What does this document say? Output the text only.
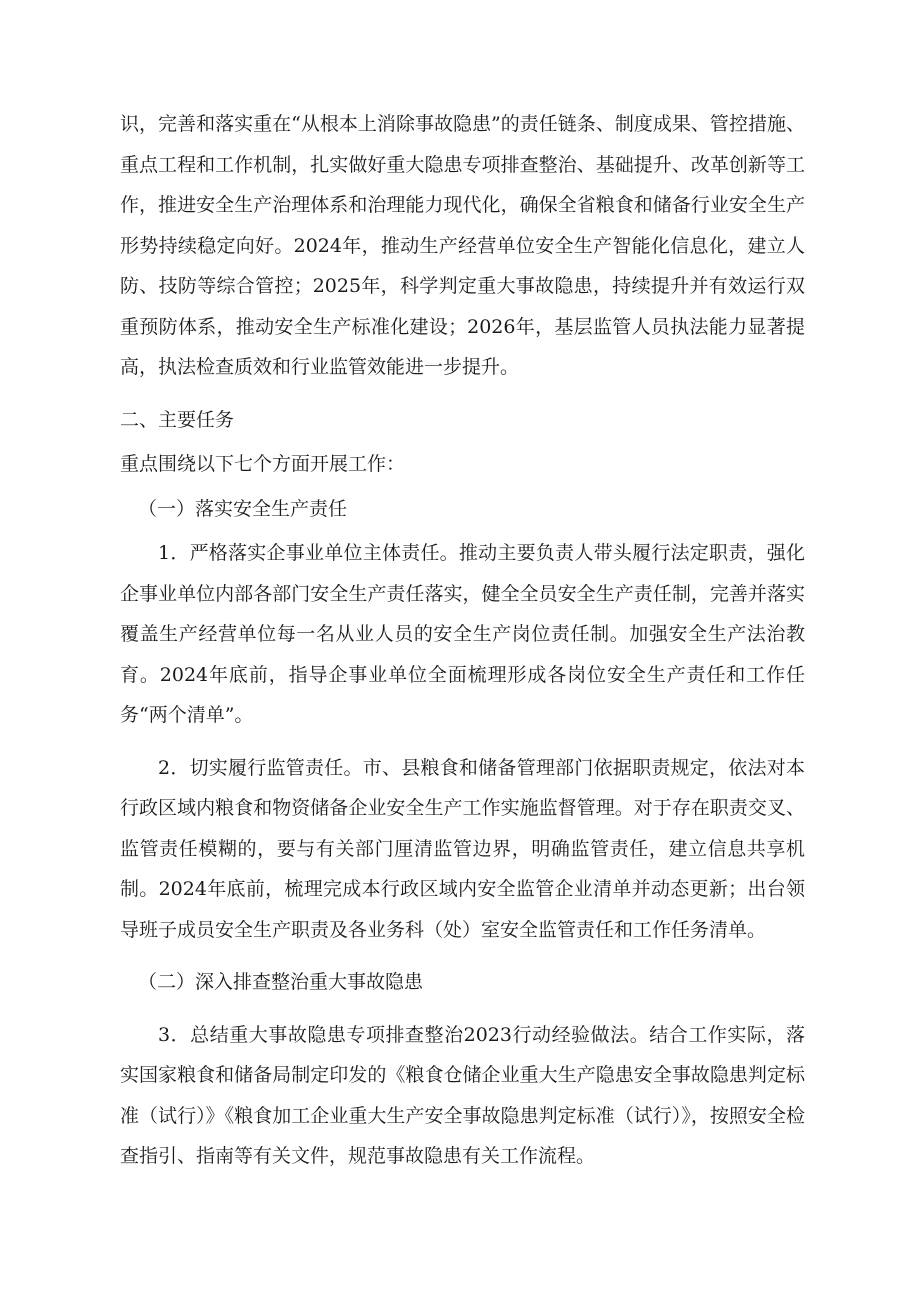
识，完善和落实重在“从根本上消除事故隐患”的责任链条、制度成果、管控措施、重点工程和工作机制，扎实做好重大隐患专项排查整治、基础提升、改革创新等工作，推进安全生产治理体系和治理能力现代化，确保全省粮食和储备行业安全生产形势持续稳定向好。2024年，推动生产经营单位安全生产智能化信息化，建立人防、技防等综合管控；2025年，科学判定重大事故隐患，持续提升并有效运行双重预防体系，推动安全生产标准化建设；2026年，基层监管人员执法能力显著提高，执法检查质效和行业监管效能进一步提升。

二、主要任务

重点围绕以下七个方面开展工作：

（一）落实安全生产责任

1．严格落实企事业单位主体责任。推动主要负责人带头履行法定职责，强化企事业单位内部各部门安全生产责任落实，健全全员安全生产责任制，完善并落实覆盖生产经营单位每一名从业人员的安全生产岗位责任制。加强安全生产法治教育。2024年底前，指导企事业单位全面梳理形成各岗位安全生产责任和工作任务“两个清单”。

2．切实履行监管责任。市、县粮食和储备管理部门依据职责规定，依法对本行政区域内粮食和物资储备企业安全生产工作实施监督管理。对于存在职责交叉、监管责任模糊的，要与有关部门厘清监管边界，明确监管责任，建立信息共享机制。2024年底前，梳理完成本行政区域内安全监管企业清单并动态更新；出台领导班子成员安全生产职责及各业务科（处）室安全监管责任和工作任务清单。

（二）深入排查整治重大事故隐患

3．总结重大事故隐患专项排查整治2023行动经验做法。结合工作实际，落实国家粮食和储备局制定印发的《粮食仓储企业重大生产隐患安全事故隐患判定标准（试行）》《粮食加工企业重大生产安全事故隐患判定标准（试行）》，按照安全检查指引、指南等有关文件，规范事故隐患有关工作流程。
